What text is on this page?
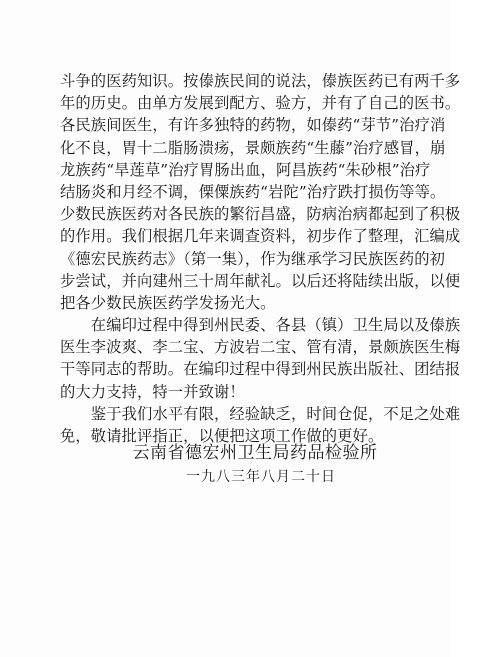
斗争的医药知识。按傣族民间的说法，傣族医药已有两千多
年的历史。由单方发展到配方、验方，并有了自己的医书。
各民族间医生，有许多独特的药物，如傣药“芽节”治疗消
化不良，胃十二脂肠溃疡，景颇族药“生藤”治疗感冒，崩
龙族药“旱莲草”治疗胃肠出血，阿昌族药“朱砂根”治疗
结肠炎和月经不调，傈僳族药“岩陀”治疗跌打损伤等等。
少数民族医药对各民族的繁衍昌盛，防病治病都起到了积极
的作用。我们根据几年来调查资料，初步作了整理，汇编成
《德宏民族药志》（第一集），作为继承学习民族医药的初
步尝试，并向建州三十周年献礼。以后还将陆续出版，以便
把各少数民族医药学发扬光大。
　　在编印过程中得到州民委、各县（镇）卫生局以及傣族
医生李波爽、李二宝、方波岩二宝、管有清，景颇族医生梅
干等同志的帮助。在编印过程中得到州民族出版社、团结报
的大力支持，特一并致谢！
　　鉴于我们水平有限，经验缺乏，时间仓促，不足之处难
免，敬请批评指正，以便把这项工作做的更好。
云南省德宏州卫生局药品检验所
一九八三年八月二十日
